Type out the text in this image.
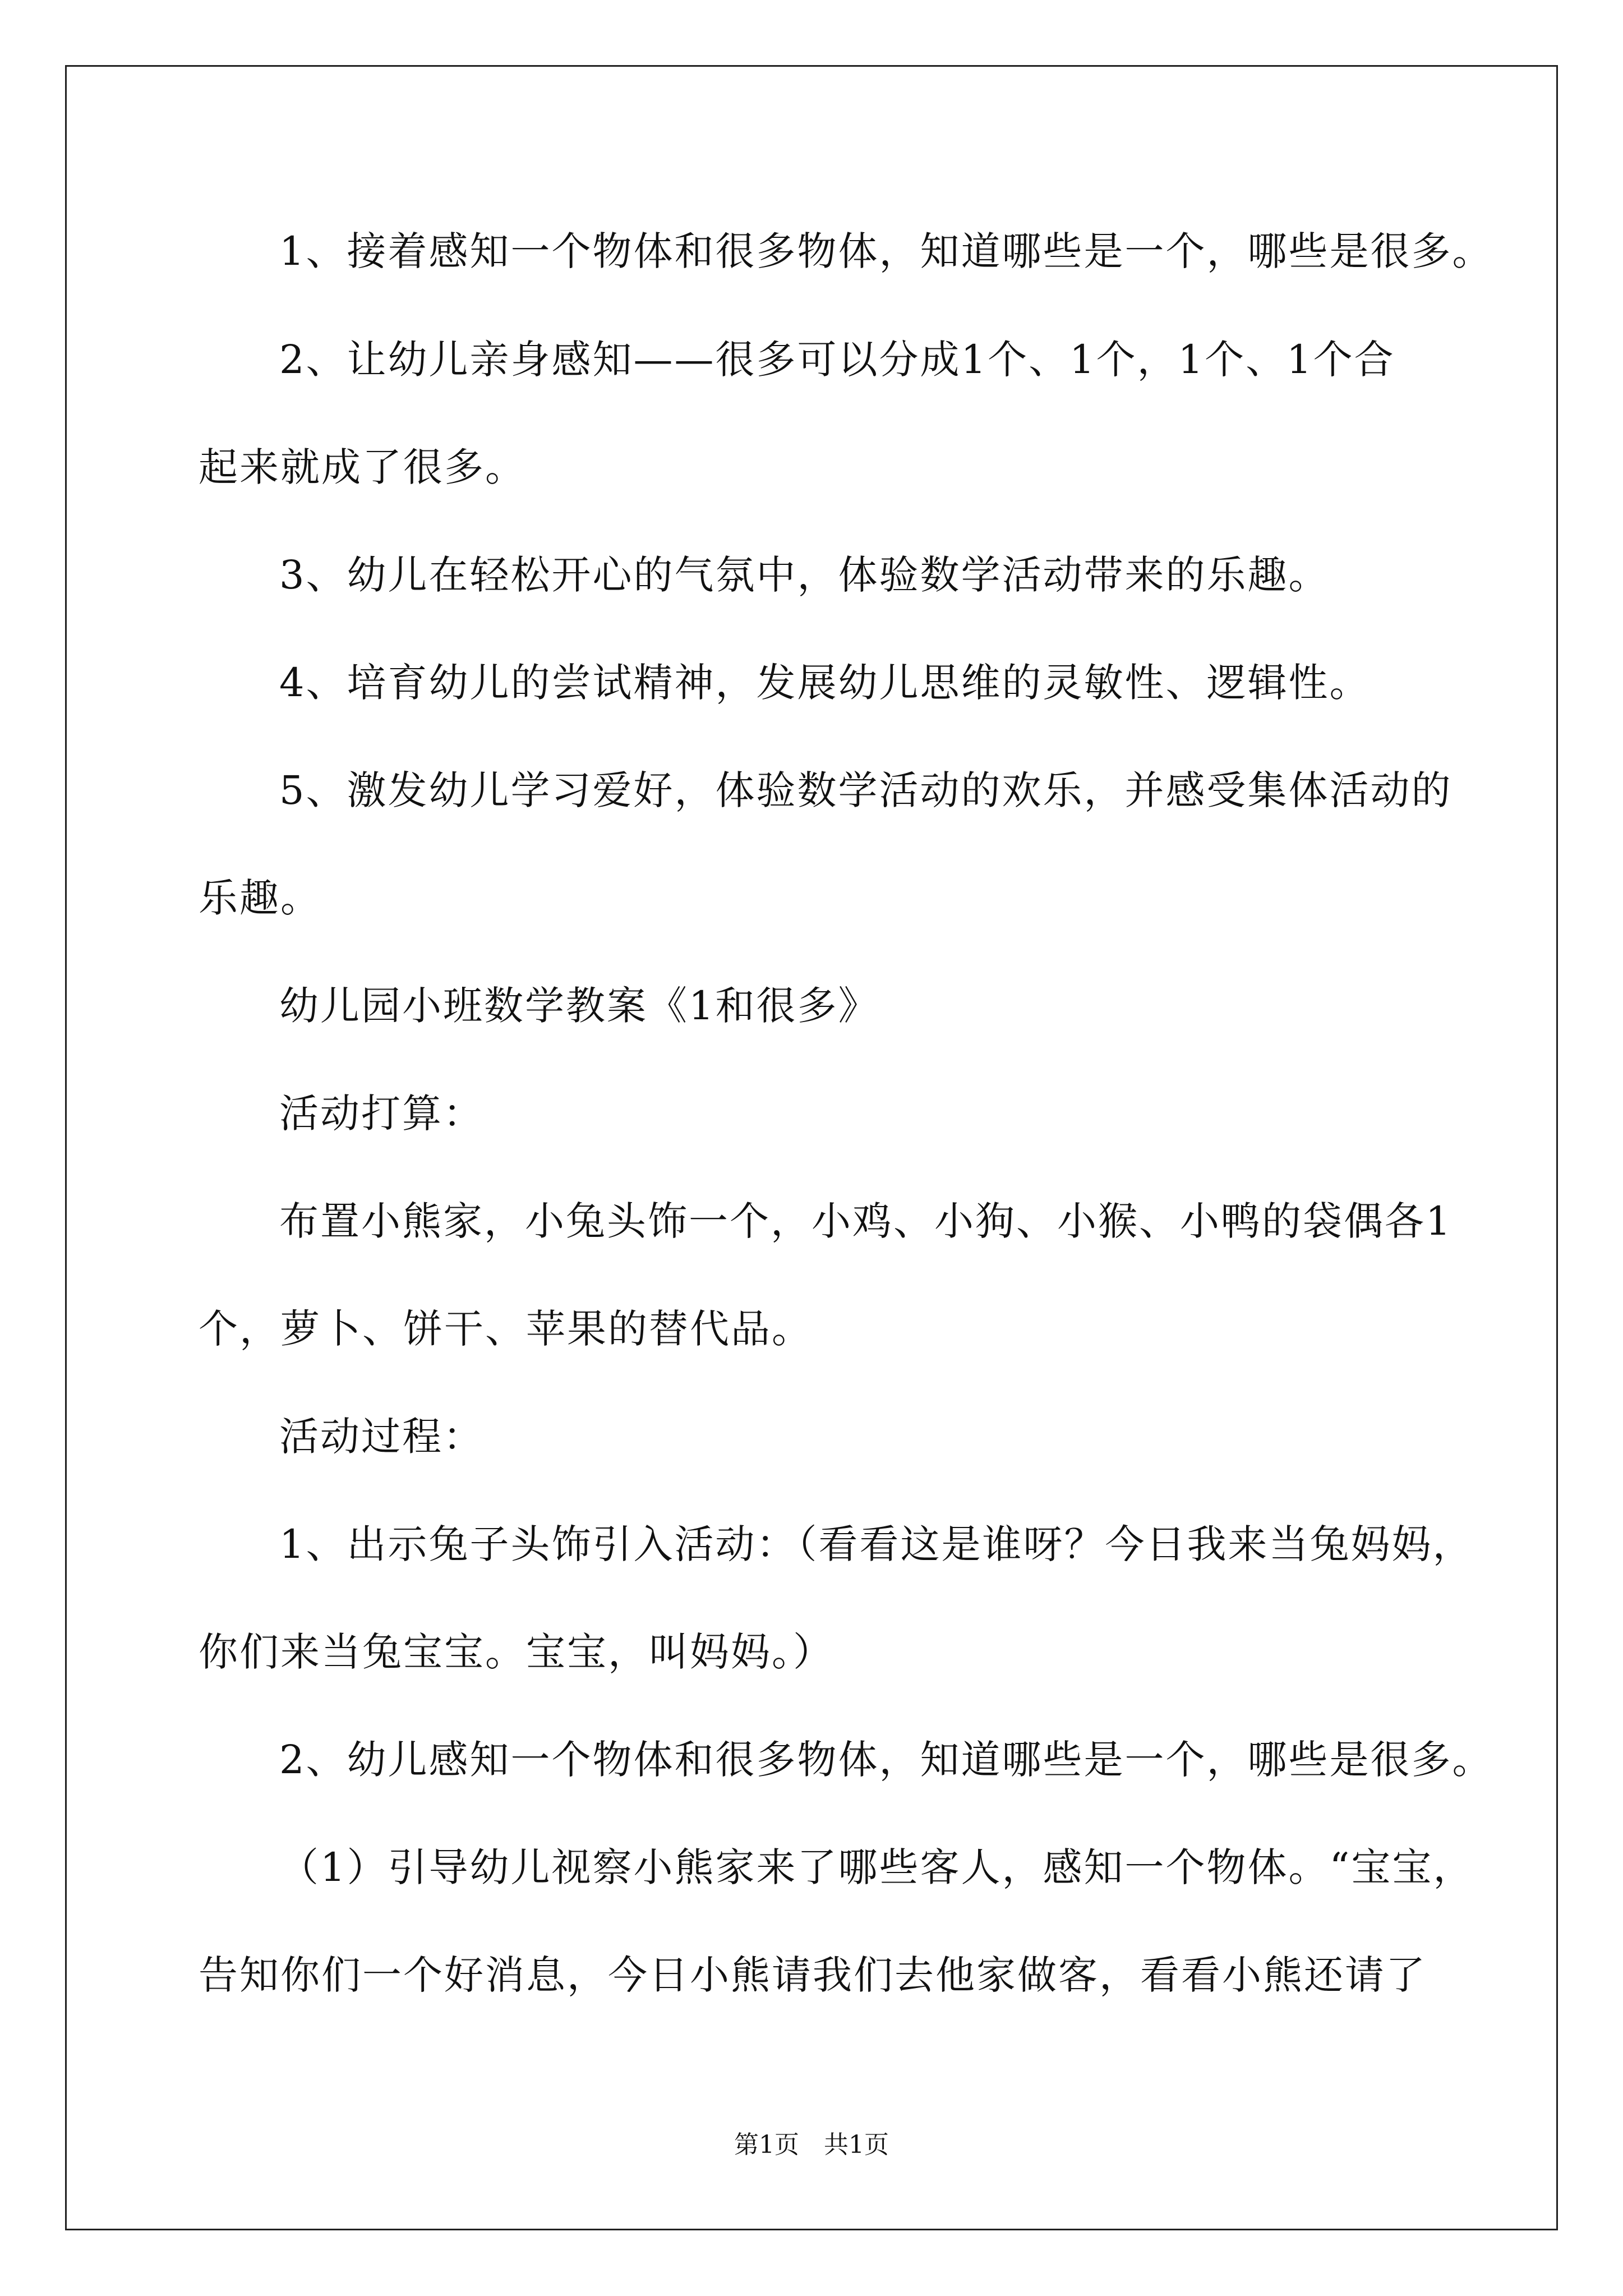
1、接着感知一个物体和很多物体，知道哪些是一个，哪些是很多。
2、让幼儿亲身感知——很多可以分成1个、1个，1个、1个合
起来就成了很多。
3、幼儿在轻松开心的气氛中，体验数学活动带来的乐趣。
4、培育幼儿的尝试精神，发展幼儿思维的灵敏性、逻辑性。
5、激发幼儿学习爱好，体验数学活动的欢乐，并感受集体活动的
乐趣。
幼儿园小班数学教案《1和很多》
活动打算：
布置小熊家，小兔头饰一个，小鸡、小狗、小猴、小鸭的袋偶各1
个，萝卜、饼干、苹果的替代品。
活动过程：
1、出示兔子头饰引入活动：（看看这是谁呀？今日我来当兔妈妈，
你们来当兔宝宝。宝宝，叫妈妈。）
2、幼儿感知一个物体和很多物体，知道哪些是一个，哪些是很多。
（1）引导幼儿视察小熊家来了哪些客人，感知一个物体。“宝宝，
告知你们一个好消息，今日小熊请我们去他家做客，看看小熊还请了
第1页　共1页
